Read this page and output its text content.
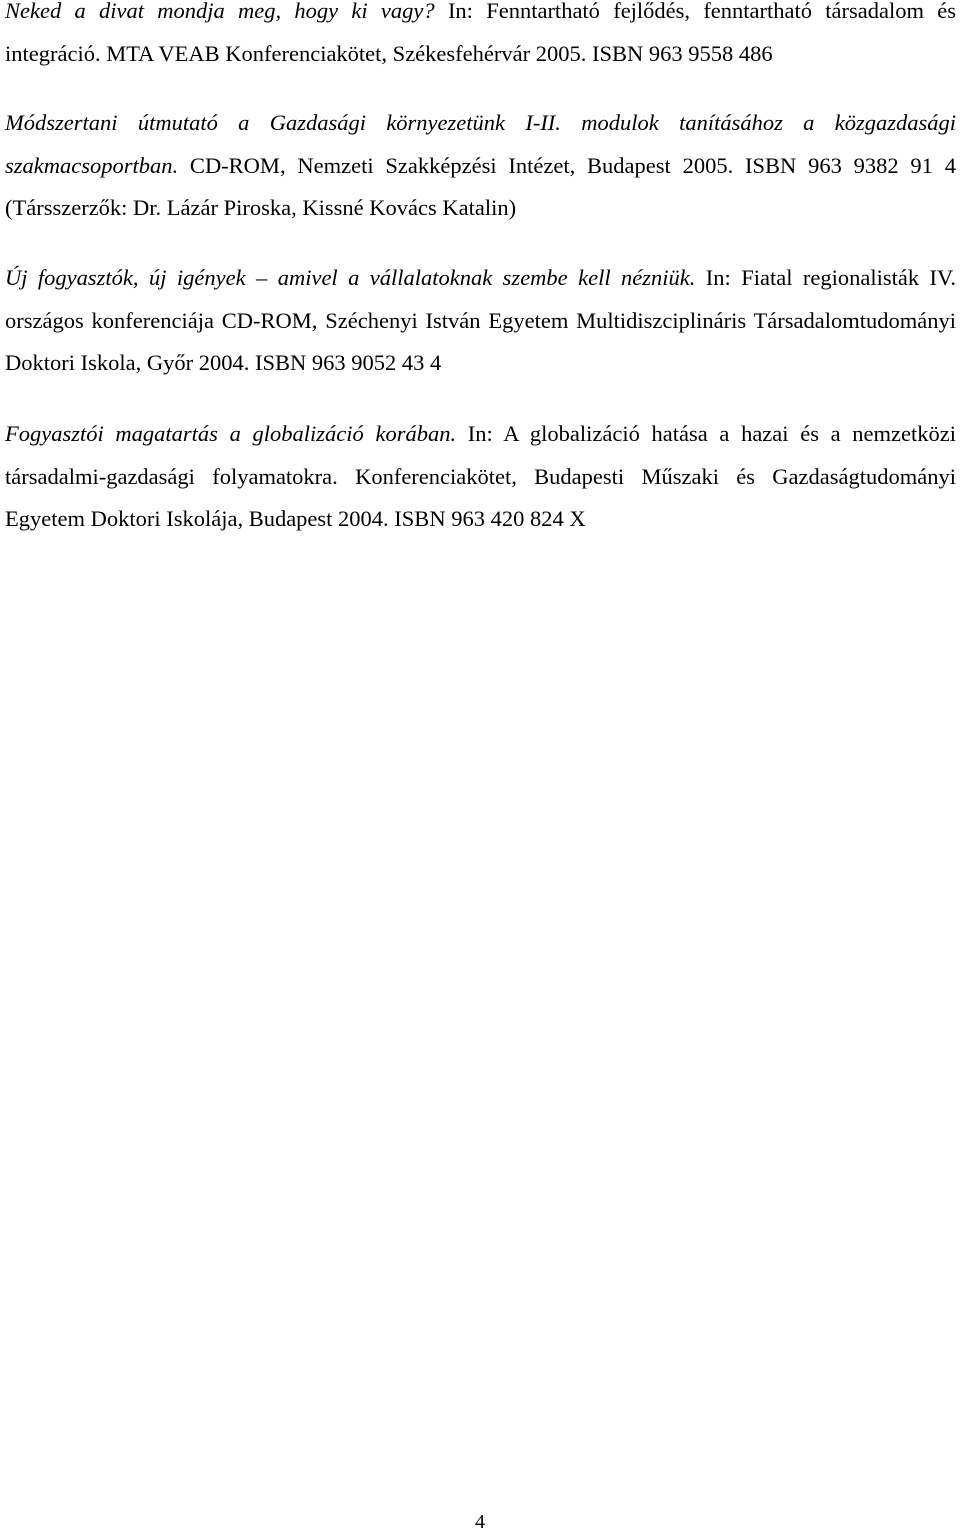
Neked a divat mondja meg, hogy ki vagy? In: Fenntartható fejlődés, fenntartható társadalom és integráció. MTA VEAB Konferenciakötet, Székesfehérvár 2005. ISBN 963 9558 486

Módszertani útmutató a Gazdasági környezetünk I-II. modulok tanításához a közgazdasági szakmacsoportban. CD-ROM, Nemzeti Szakképzési Intézet, Budapest 2005. ISBN 963 9382 91 4 (Társszerzők: Dr. Lázár Piroska, Kissné Kovács Katalin)

Új fogyasztók, új igények – amivel a vállalatoknak szembe kell nézniük. In: Fiatal regionalisták IV. országos konferenciája CD-ROM, Széchenyi István Egyetem Multidiszciplináris Társadalomtudományi Doktori Iskola, Győr 2004. ISBN 963 9052 43 4

Fogyasztói magatartás a globalizáció korában. In: A globalizáció hatása a hazai és a nemzetközi társadalmi-gazdasági folyamatokra. Konferenciakötet, Budapesti Műszaki és Gazdaságtudományi Egyetem Doktori Iskolája, Budapest 2004. ISBN 963 420 824 X

4
